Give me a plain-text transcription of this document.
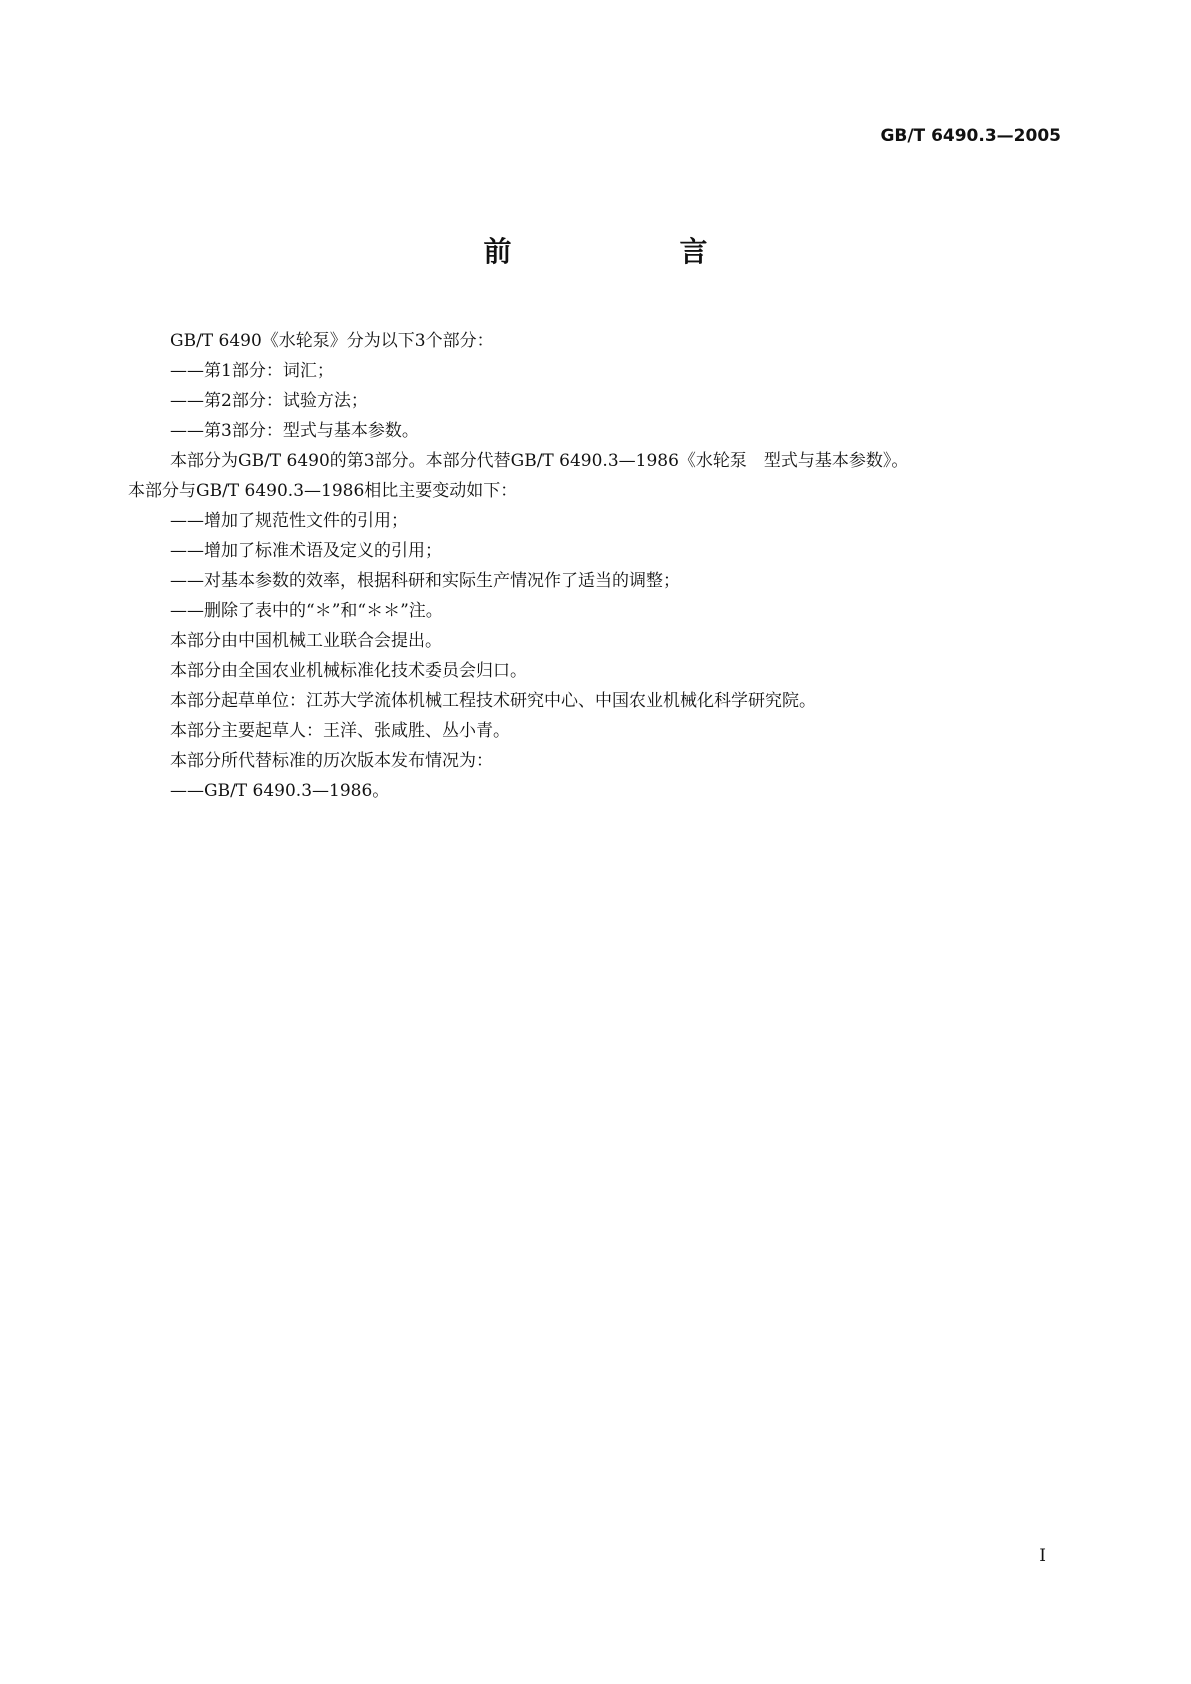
GB/T 6490.3—2005
前　言
GB/T 6490《水轮泵》分为以下3个部分：
——第1部分：词汇；
——第2部分：试验方法；
——第3部分：型式与基本参数。
本部分为GB/T 6490的第3部分。本部分代替GB/T 6490.3—1986《水轮泵　型式与基本参数》。
本部分与GB/T 6490.3—1986相比主要变动如下：
——增加了规范性文件的引用；
——增加了标准术语及定义的引用；
——对基本参数的效率，根据科研和实际生产情况作了适当的调整；
——删除了表中的“＊”和“＊＊”注。
本部分由中国机械工业联合会提出。
本部分由全国农业机械标准化技术委员会归口。
本部分起草单位：江苏大学流体机械工程技术研究中心、中国农业机械化科学研究院。
本部分主要起草人：王洋、张咸胜、丛小青。
本部分所代替标准的历次版本发布情况为：
——GB/T 6490.3—1986。
I
